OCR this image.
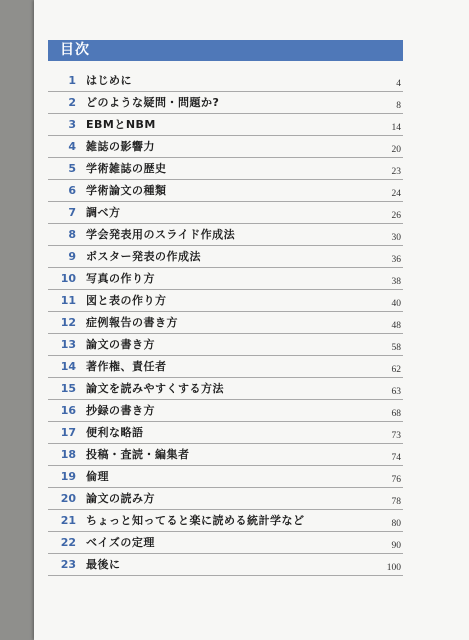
目次
1 はじめに	4
2 どのような疑問・問題か?	8
3 EBMとNBM	14
4 雑誌の影響力	20
5 学術雑誌の歴史	23
6 学術論文の種類	24
7 調べ方	26
8 学会発表用のスライド作成法	30
9 ポスター発表の作成法	36
10 写真の作り方	38
11 図と表の作り方	40
12 症例報告の書き方	48
13 論文の書き方	58
14 著作権、責任者	62
15 論文を読みやすくする方法	63
16 抄録の書き方	68
17 便利な略語	73
18 投稿・査読・編集者	74
19 倫理	76
20 論文の読み方	78
21 ちょっと知ってると楽に読める統計学など	80
22 ベイズの定理	90
23 最後に	100
